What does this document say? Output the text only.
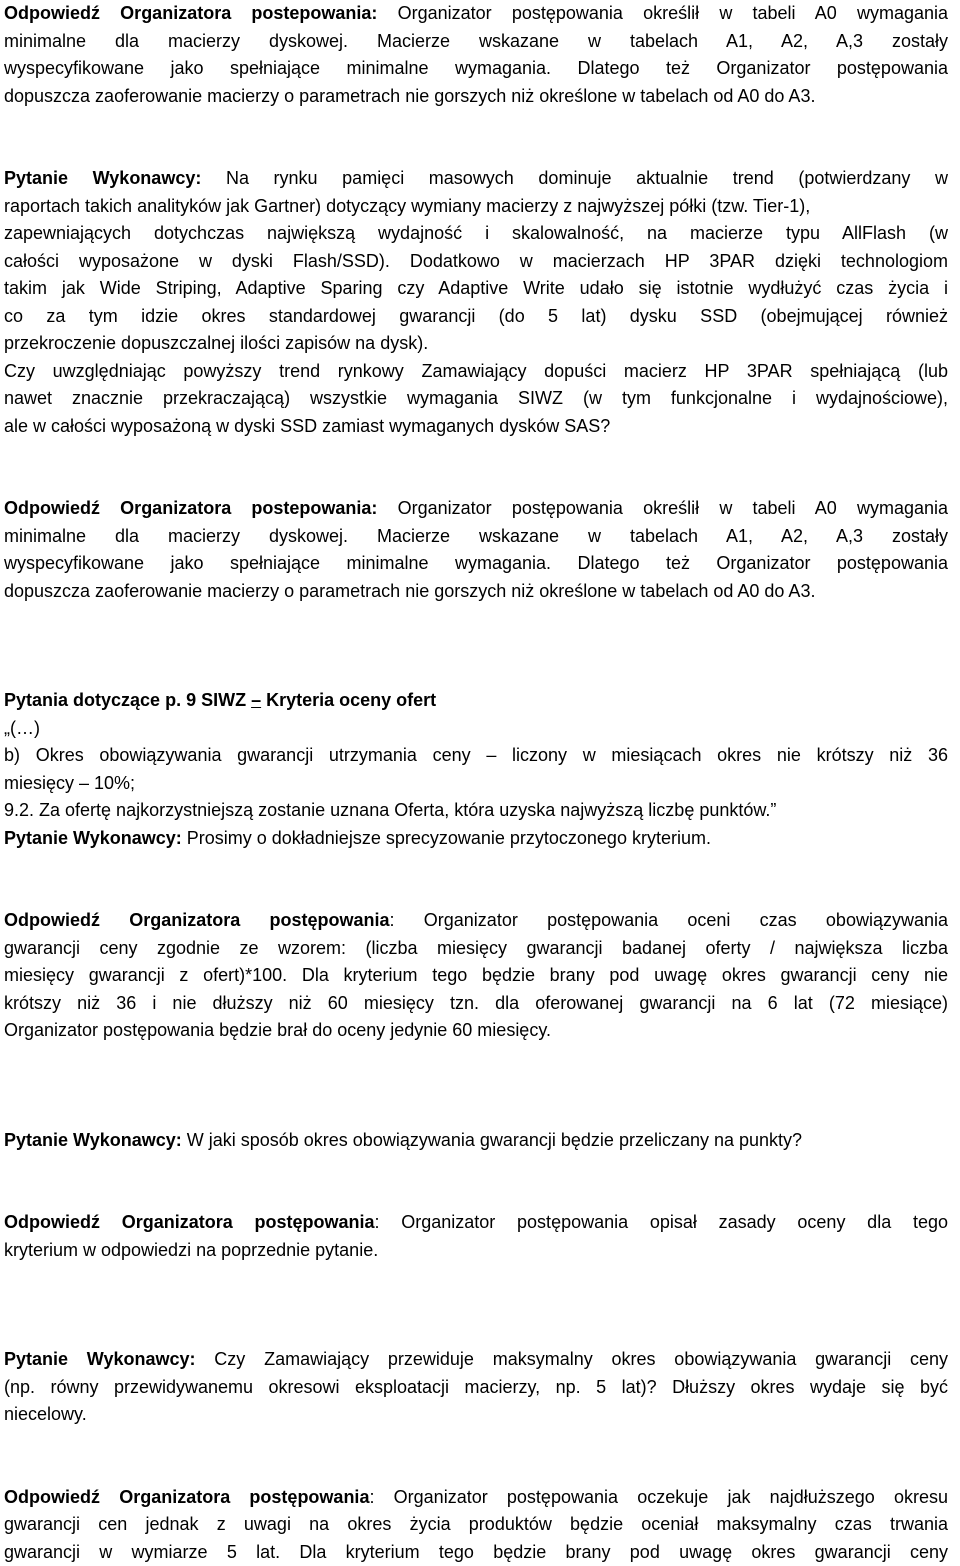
Odpowiedź Organizatora postepowania: Organizator postępowania określił w tabeli A0 wymagania
minimalne dla macierzy dyskowej. Macierze wskazane w tabelach A1, A2, A,3 zostały
wyspecyfikowane jako spełniające minimalne wymagania. Dlatego też Organizator postępowania
dopuszcza zaoferowanie macierzy o parametrach nie gorszych niż określone w tabelach od A0 do A3.
Pytanie Wykonawcy: Na rynku pamięci masowych dominuje aktualnie trend (potwierdzany w
raportach takich analityków jak Gartner) dotyczący wymiany macierzy z najwyższej półki (tzw. Tier-1),
zapewniających dotychczas największą wydajność i skalowalność, na macierze typu AllFlash (w
całości wyposażone w dyski Flash/SSD). Dodatkowo w macierzach HP 3PAR dzięki technologiom
takim jak Wide Striping, Adaptive Sparing czy Adaptive Write udało się istotnie wydłużyć czas życia i
co za tym idzie okres standardowej gwarancji (do 5 lat) dysku SSD (obejmującej również
przekroczenie dopuszczalnej ilości zapisów na dysk).
Czy uwzględniając powyższy trend rynkowy Zamawiający dopuści macierz HP 3PAR spełniającą (lub
nawet znacznie przekraczającą) wszystkie wymagania SIWZ (w tym funkcjonalne i wydajnościowe),
ale w całości wyposażoną w dyski SSD zamiast wymaganych dysków SAS?
Odpowiedź Organizatora postepowania: Organizator postępowania określił w tabeli A0 wymagania
minimalne dla macierzy dyskowej. Macierze wskazane w tabelach A1, A2, A,3 zostały
wyspecyfikowane jako spełniające minimalne wymagania. Dlatego też Organizator postępowania
dopuszcza zaoferowanie macierzy o parametrach nie gorszych niż określone w tabelach od A0 do A3.
Pytania dotyczące p. 9 SIWZ – Kryteria oceny ofert
„(…)
b) Okres obowiązywania gwarancji utrzymania ceny – liczony w miesiącach okres nie krótszy niż 36
miesięcy – 10%;
9.2. Za ofertę najkorzystniejszą zostanie uznana Oferta, która uzyska najwyższą liczbę punktów.”
Pytanie Wykonawcy: Prosimy o dokładniejsze sprecyzowanie przytoczonego kryterium.
Odpowiedź Organizatora postępowania: Organizator postępowania oceni czas obowiązywania
gwarancji ceny zgodnie ze wzorem: (liczba miesięcy gwarancji badanej oferty / największa liczba
miesięcy gwarancji z ofert)*100. Dla kryterium tego będzie brany pod uwagę okres gwarancji ceny nie
krótszy niż 36 i nie dłuższy niż 60 miesięcy tzn. dla oferowanej gwarancji na 6 lat (72 miesiące)
Organizator postępowania będzie brał do oceny jedynie 60 miesięcy.
Pytanie Wykonawcy: W jaki sposób okres obowiązywania gwarancji będzie przeliczany na punkty?
Odpowiedź Organizatora postępowania: Organizator postępowania opisał zasady oceny dla tego
kryterium w odpowiedzi na poprzednie pytanie.
Pytanie Wykonawcy: Czy Zamawiający przewiduje maksymalny okres obowiązywania gwarancji ceny
(np. równy przewidywanemu okresowi eksploatacji macierzy, np. 5 lat)? Dłuższy okres wydaje się być
niecelowy.
Odpowiedź Organizatora postępowania: Organizator postępowania oczekuje jak najdłuższego okresu
gwarancji cen jednak z uwagi na okres życia produktów będzie oceniał maksymalny czas trwania
gwarancji w wymiarze 5 lat. Dla kryterium tego będzie brany pod uwagę okres gwarancji ceny
